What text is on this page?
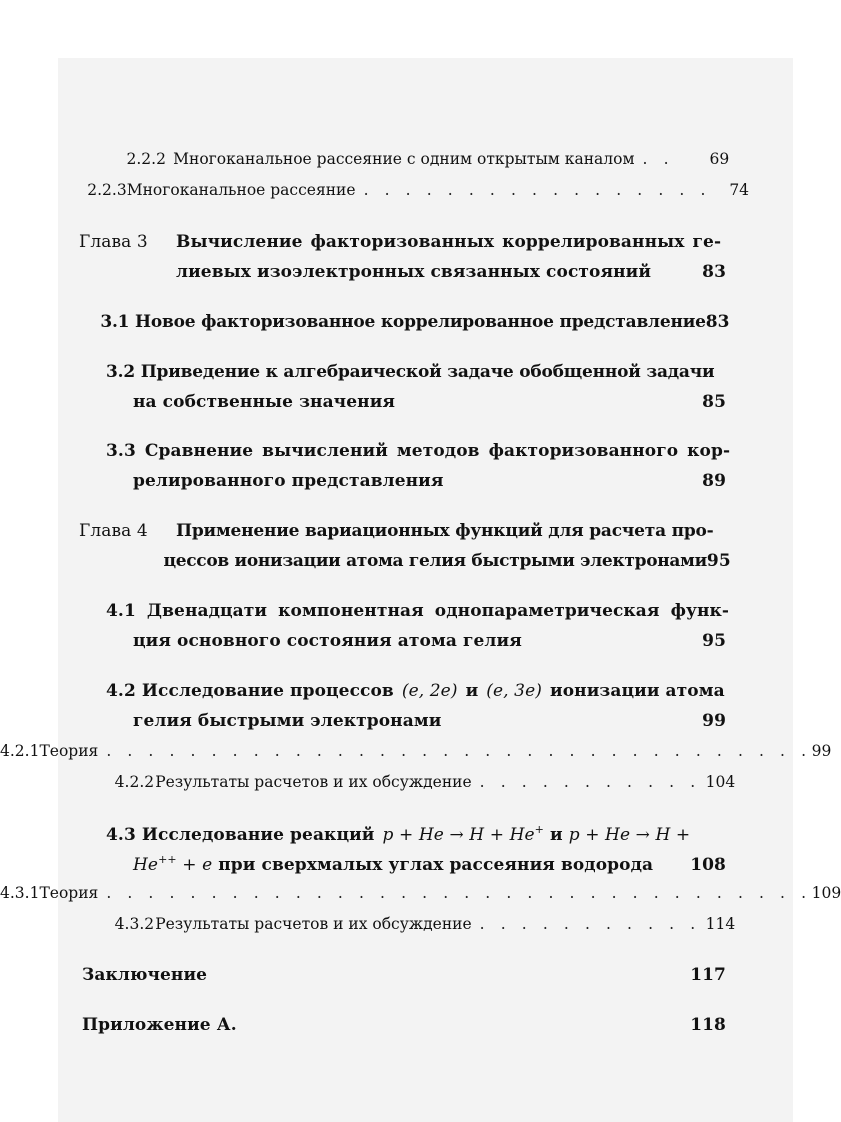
2.2.2 Многоканальное рассеяние с одним открытым каналом . .	69
2.2.3 Многоканальное рассеяние . . . . . . . . . . . . . . . . .	74
Глава 3	Вычисление факторизованных коррелированных ге-
лиевых изоэлектронных связанных состояний	83
3.1 Новое факторизованное коррелированное представление 83
3.2 Приведение к алгебраической задаче обобщенной задачи
на собственные значения	85
3.3 Сравнение вычислений методов факторизованного кор-
релированного представления	89
Глава 4	Применение вариационных функций для расчета про-
цессов ионизации атома гелия быстрыми электронами 95
4.1 Двенадцати компонентная однопараметрическая функ-
ция основного состояния атома гелия	95
4.2 Исследование процессов (e, 2e) и (e, 3e) ионизации атома
гелия быстрыми электронами	99
4.2.1 Теория . . . . . . . . . . . . . . . . . . . . . . . . . . . . . . . . . . 99
4.2.2 Результаты расчетов и их обсуждение . . . . . . . . . . . 104
4.3 Исследование реакций p + He → H + He+ и p + He → H +
He++ + e при сверхмалых углах рассеяния водорода 108
4.3.1 Теория . . . . . . . . . . . . . . . . . . . . . . . . . . . . . . . . . . 109
4.3.2 Результаты расчетов и их обсуждение . . . . . . . . . . . 114
Заключение	117
Приложение А.	118
